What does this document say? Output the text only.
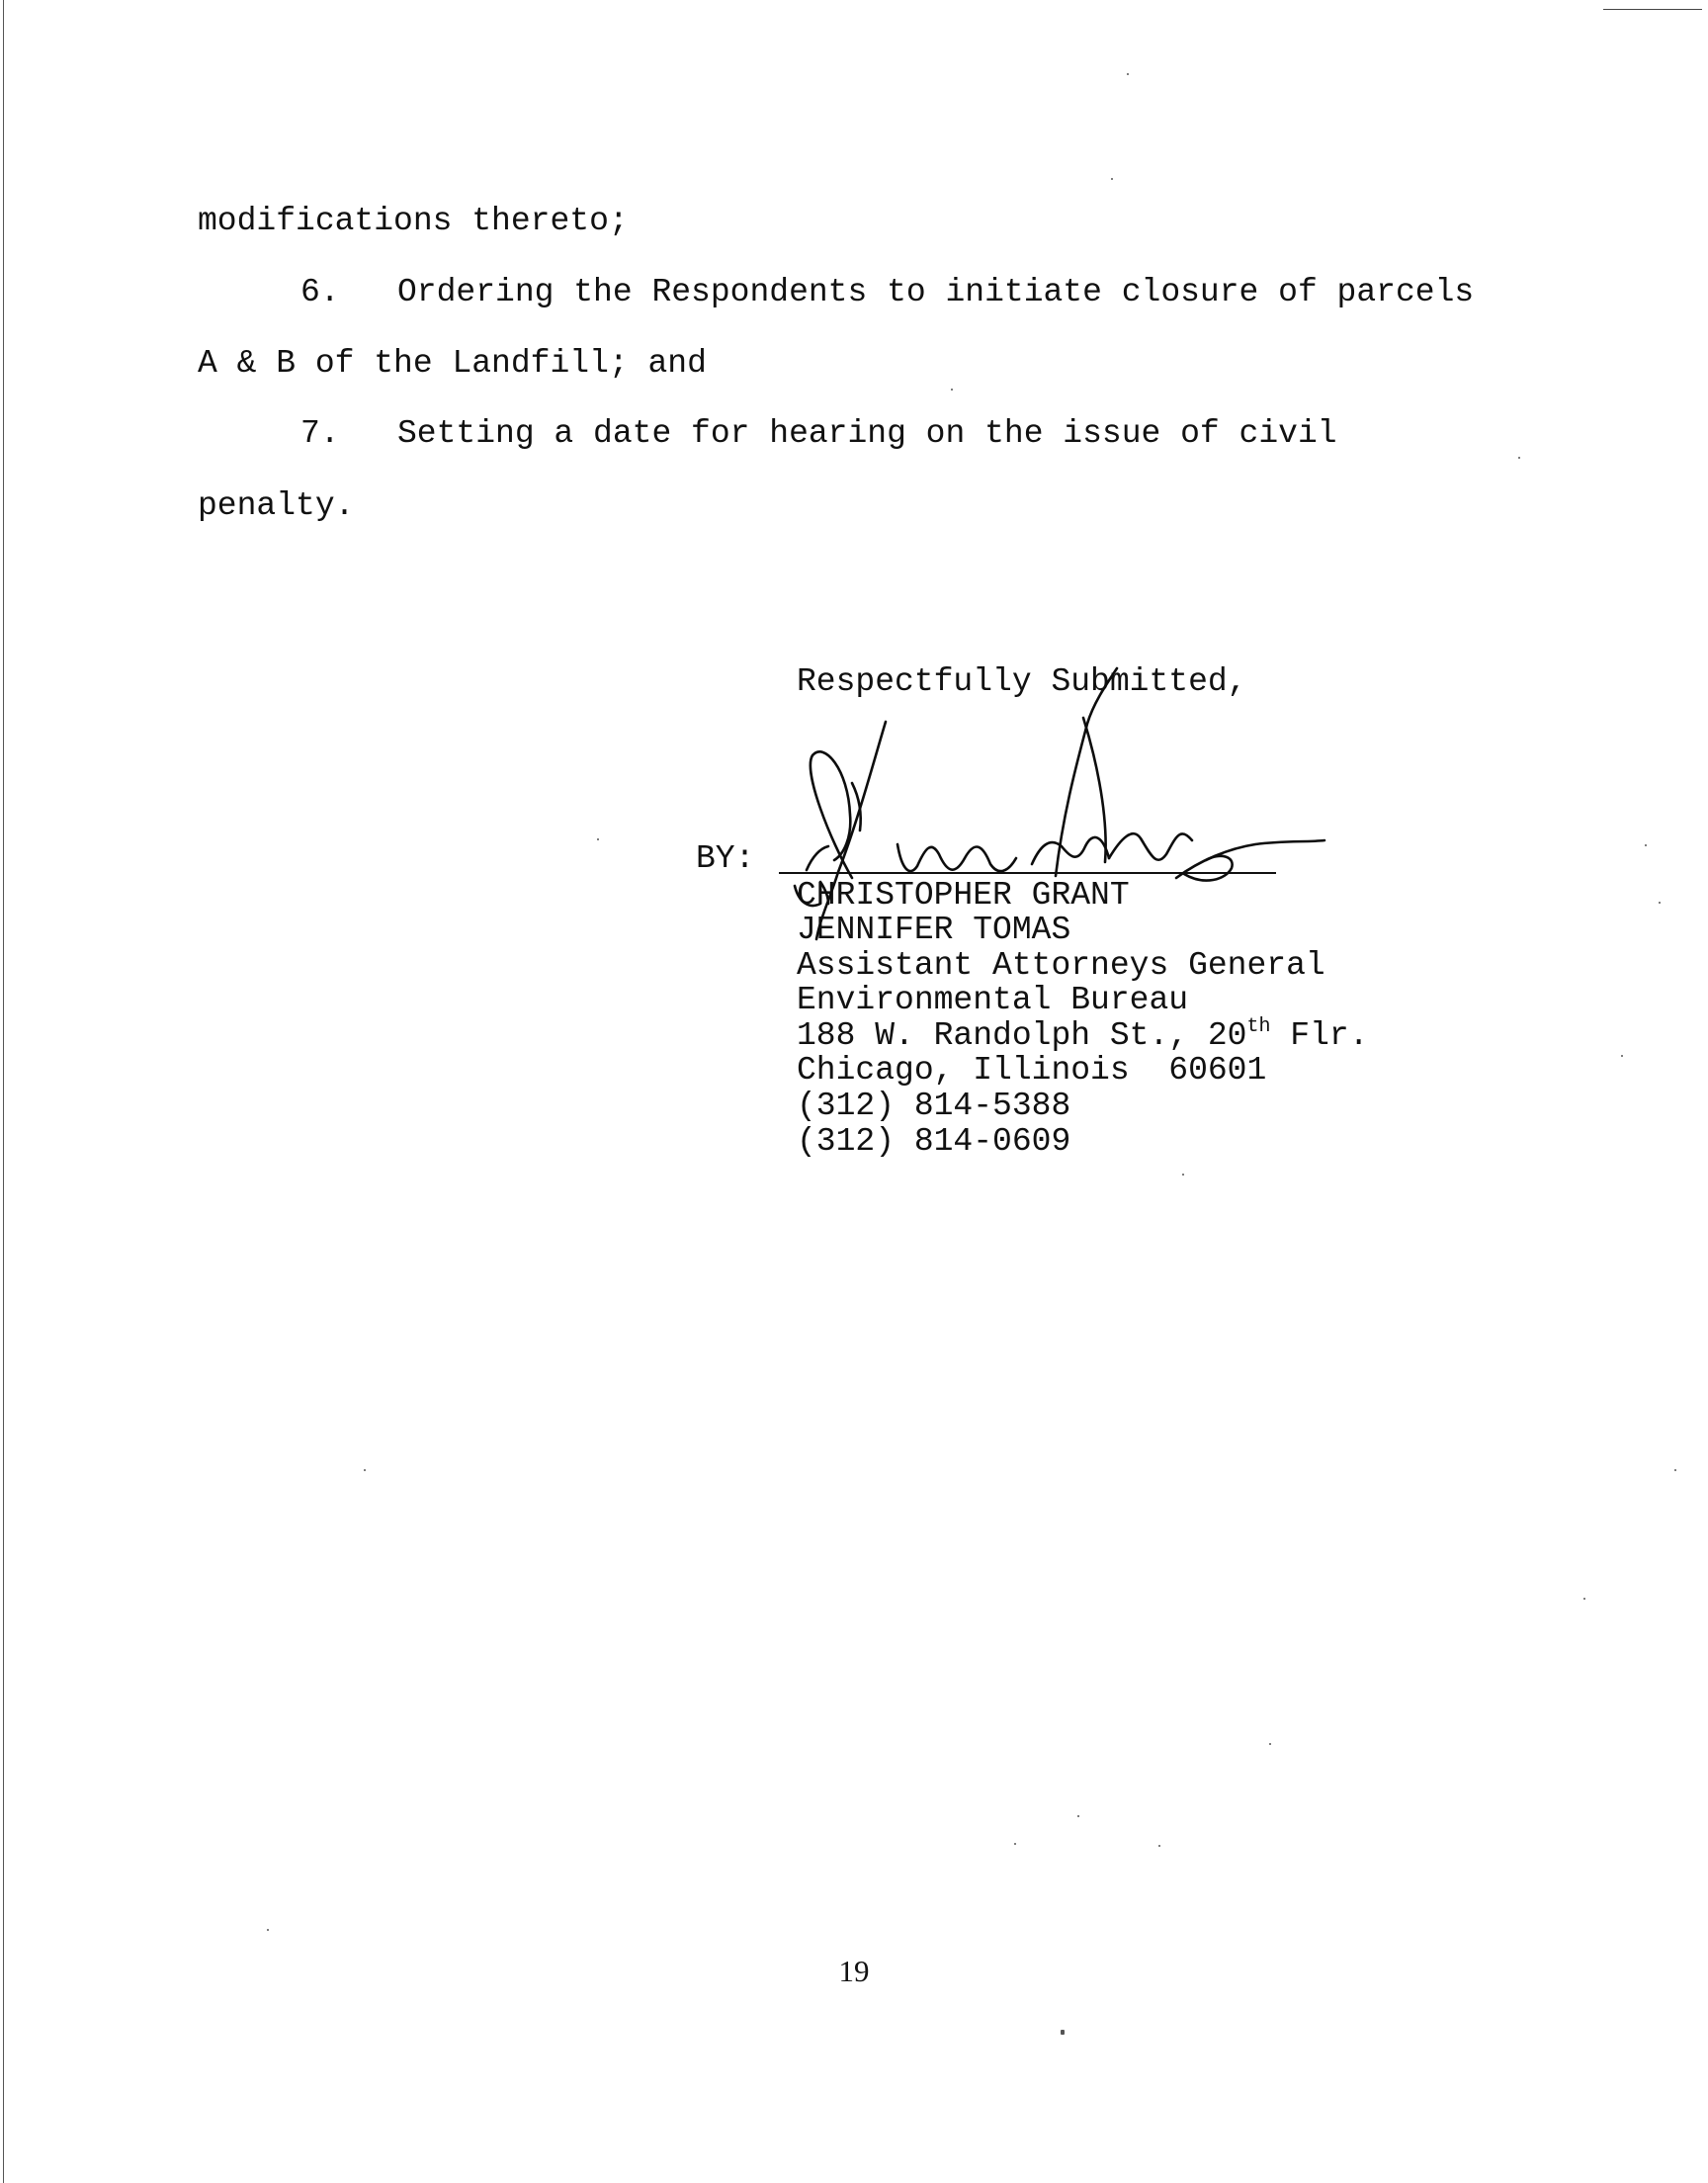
modifications thereto;
6. Ordering the Respondents to initiate closure of parcels
A & B of the Landfill; and
7. Setting a date for hearing on the issue of civil
penalty.
Respectfully Submitted,
BY:
CHRISTOPHER GRANT
JENNIFER TOMAS
Assistant Attorneys General
Environmental Bureau
188 W. Randolph St., 20th Flr.
Chicago, Illinois  60601
(312) 814-5388
(312) 814-0609
19
